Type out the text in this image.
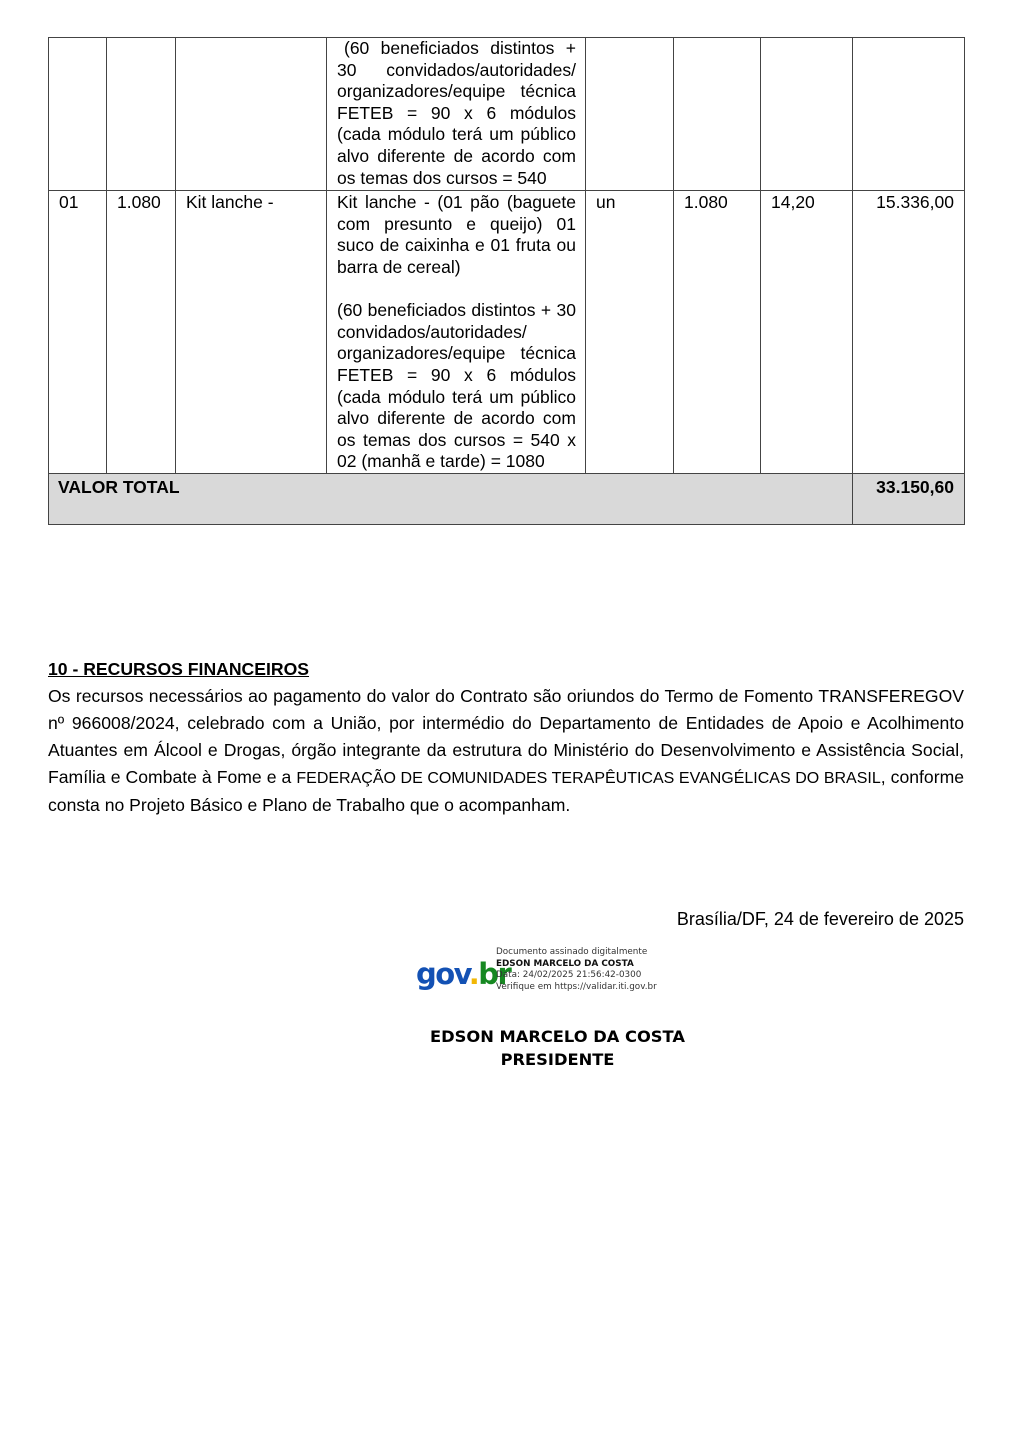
			(60 beneficiados distintos + 30 convidados/autoridades/ organizadores/equipe técnica FETEB = 90 x 6 módulos (cada módulo terá um público alvo diferente de acordo com os temas dos cursos = 540				

01	1.080	Kit lanche -	Kit lanche - (01 pão (baguete com presunto e queijo) 01 suco de caixinha e 01 fruta ou barra de cereal)

(60 beneficiados distintos + 30 convidados/autoridades/ organizadores/equipe técnica FETEB = 90 x 6 módulos (cada módulo terá um público alvo diferente de acordo com os temas dos cursos = 540 x 02 (manhã e tarde) = 1080	un	1.080	14,20	15.336,00
VALOR TOTAL							33.150,60
10 - RECURSOS FINANCEIROS
Os recursos necessários ao pagamento do valor do Contrato são oriundos do Termo de Fomento TRANSFEREGOV nº 966008/2024, celebrado com a União, por intermédio do Departamento de Entidades de Apoio e Acolhimento Atuantes em Álcool e Drogas, órgão integrante da estrutura do Ministério do Desenvolvimento e Assistência Social, Família e Combate à Fome e a FEDERAÇÃO DE COMUNIDADES TERAPÊUTICAS EVANGÉLICAS DO BRASIL, conforme consta no Projeto Básico e Plano de Trabalho que o acompanham.
Brasília/DF, 24 de fevereiro de 2025
gov.br
Documento assinado digitalmente
EDSON MARCELO DA COSTA
Data: 24/02/2025 21:56:42-0300
Verifique em https://validar.iti.gov.br
EDSON MARCELO DA COSTA
PRESIDENTE
